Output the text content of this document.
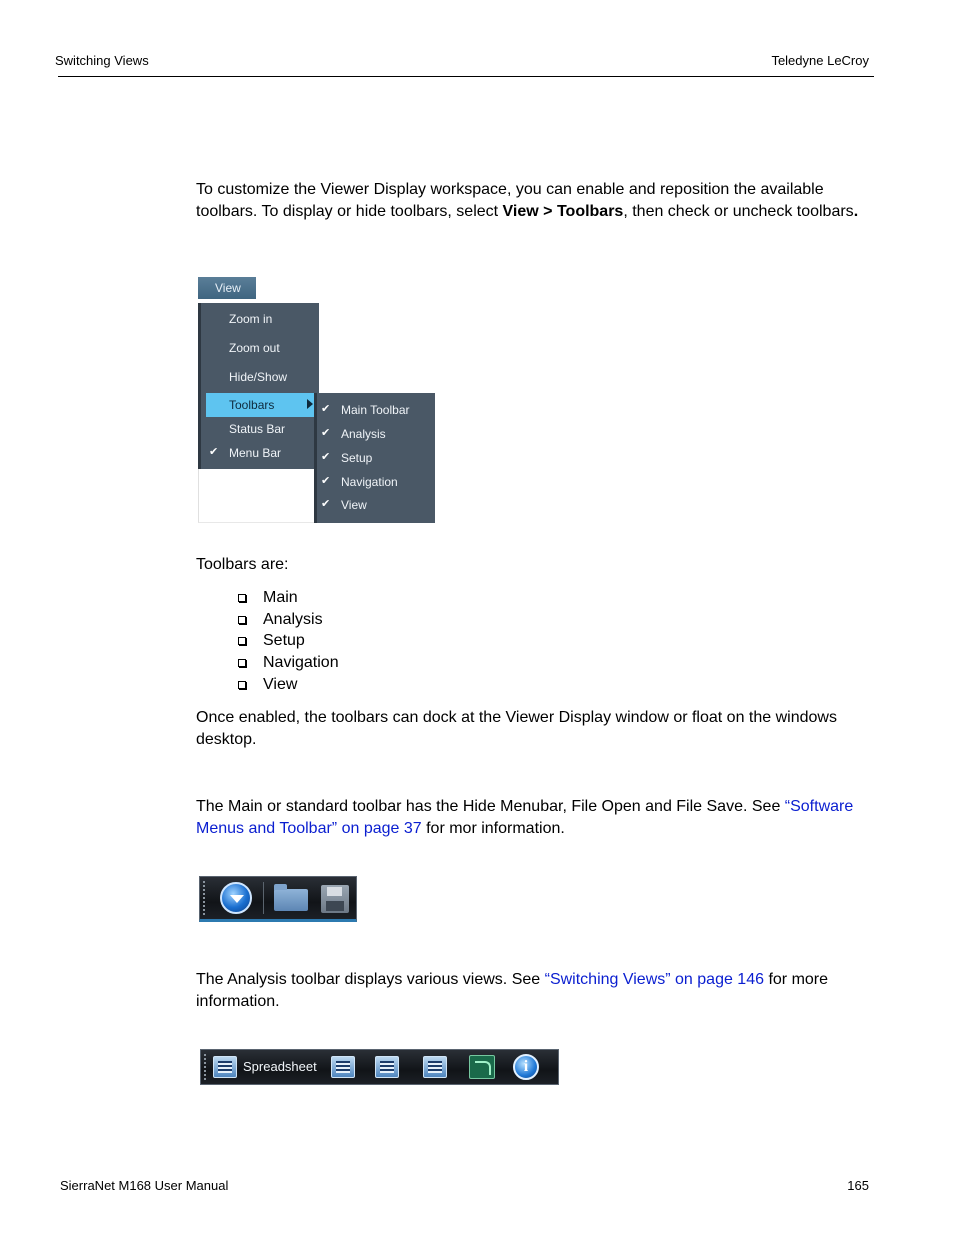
Switching Views	Teledyne LeCroy

To customize the Viewer Display workspace, you can enable and reposition the available toolbars. To display or hide toolbars, select View > Toolbars, then check or uncheck toolbars.

View
Zoom in
Zoom out
Hide/Show
Toolbars
Status Bar
✔ Menu Bar
✔ Main Toolbar
✔ Analysis
✔ Setup
✔ Navigation
✔ View

Toolbars are:

Main
Analysis
Setup
Navigation
View

Once enabled, the toolbars can dock at the Viewer Display window or float on the windows desktop.

The Main or standard toolbar has the Hide Menubar, File Open and File Save. See “Software Menus and Toolbar” on page 37 for mor information.

The Analysis toolbar displays various views. See “Switching Views” on page 146 for more information.

Spreadsheet	i
SierraNet M168 User Manual	165
